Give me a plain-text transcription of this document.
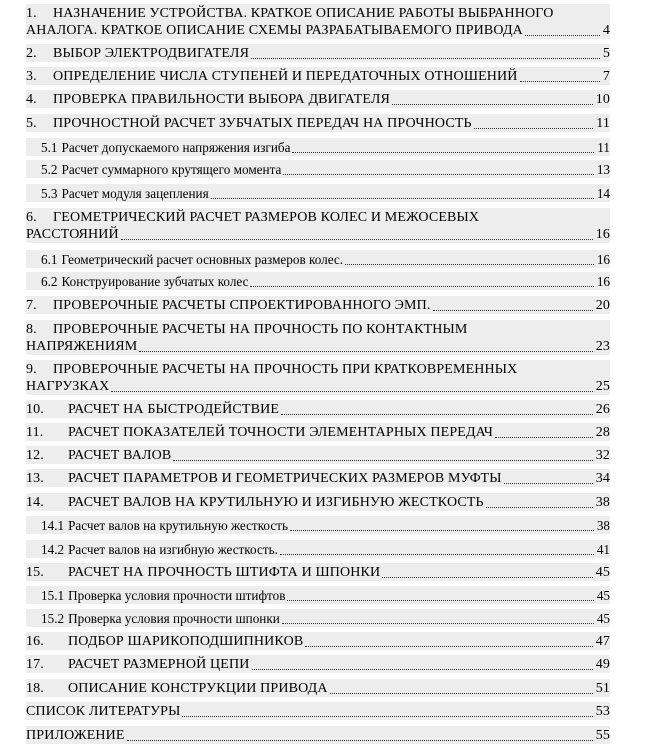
1.	НАЗНАЧЕНИЕ УСТРОЙСТВА. КРАТКОЕ ОПИСАНИЕ РАБОТЫ ВЫБРАННОГО
АНАЛОГА. КРАТКОЕ ОПИСАНИЕ СХЕМЫ РАЗРАБАТЫВАЕМОГО ПРИВОДА	4
2.	ВЫБОР ЭЛЕКТРОДВИГАТЕЛЯ	5
3.	ОПРЕДЕЛЕНИЕ ЧИСЛА СТУПЕНЕЙ И ПЕРЕДАТОЧНЫХ ОТНОШЕНИЙ	7
4.	ПРОВЕРКА ПРАВИЛЬНОСТИ ВЫБОРА ДВИГАТЕЛЯ	10
5.	ПРОЧНОСТНОЙ РАСЧЕТ ЗУБЧАТЫХ ПЕРЕДАЧ НА ПРОЧНОСТЬ	11
5.1 Расчет допускаемого напряжения изгиба	11
5.2 Расчет суммарного крутящего момента	13
5.3 Расчет модуля зацепления	14
6.	ГЕОМЕТРИЧЕСКИЙ РАСЧЕТ РАЗМЕРОВ КОЛЕС И МЕЖОСЕВЫХ
РАССТОЯНИЙ	16
6.1 Геометрический расчет основных размеров колес.	16
6.2 Конструирование зубчатых колес	16
7.	ПРОВЕРОЧНЫЕ РАСЧЕТЫ СПРОЕКТИРОВАННОГО ЭМП.	20
8.	ПРОВЕРОЧНЫЕ РАСЧЕТЫ НА ПРОЧНОСТЬ ПО КОНТАКТНЫМ
НАПРЯЖЕНИЯМ	23
9.	ПРОВЕРОЧНЫЕ РАСЧЕТЫ НА ПРОЧНОСТЬ ПРИ КРАТКОВРЕМЕННЫХ
НАГРУЗКАХ	25
10.	РАСЧЕТ НА БЫСТРОДЕЙСТВИЕ	26
11.	РАСЧЕТ ПОКАЗАТЕЛЕЙ ТОЧНОСТИ ЭЛЕМЕНТАРНЫХ ПЕРЕДАЧ	28
12.	РАСЧЕТ ВАЛОВ	32
13.	РАСЧЕТ ПАРАМЕТРОВ И ГЕОМЕТРИЧЕСКИХ РАЗМЕРОВ МУФТЫ	34
14.	РАСЧЕТ ВАЛОВ НА КРУТИЛЬНУЮ И ИЗГИБНУЮ ЖЕСТКОСТЬ	38
14.1 Расчет валов на крутильную жесткость	38
14.2 Расчет валов на изгибную жесткость.	41
15.	РАСЧЕТ НА ПРОЧНОСТЬ ШТИФТА И ШПОНКИ	45
15.1 Проверка условия прочности штифтов	45
15.2 Проверка условия прочности шпонки	45
16.	ПОДБОР ШАРИКОПОДШИПНИКОВ	47
17.	РАСЧЕТ РАЗМЕРНОЙ ЦЕПИ	49
18.	ОПИСАНИЕ КОНСТРУКЦИИ ПРИВОДА	51
СПИСОК ЛИТЕРАТУРЫ	53
ПРИЛОЖЕНИЕ	55
